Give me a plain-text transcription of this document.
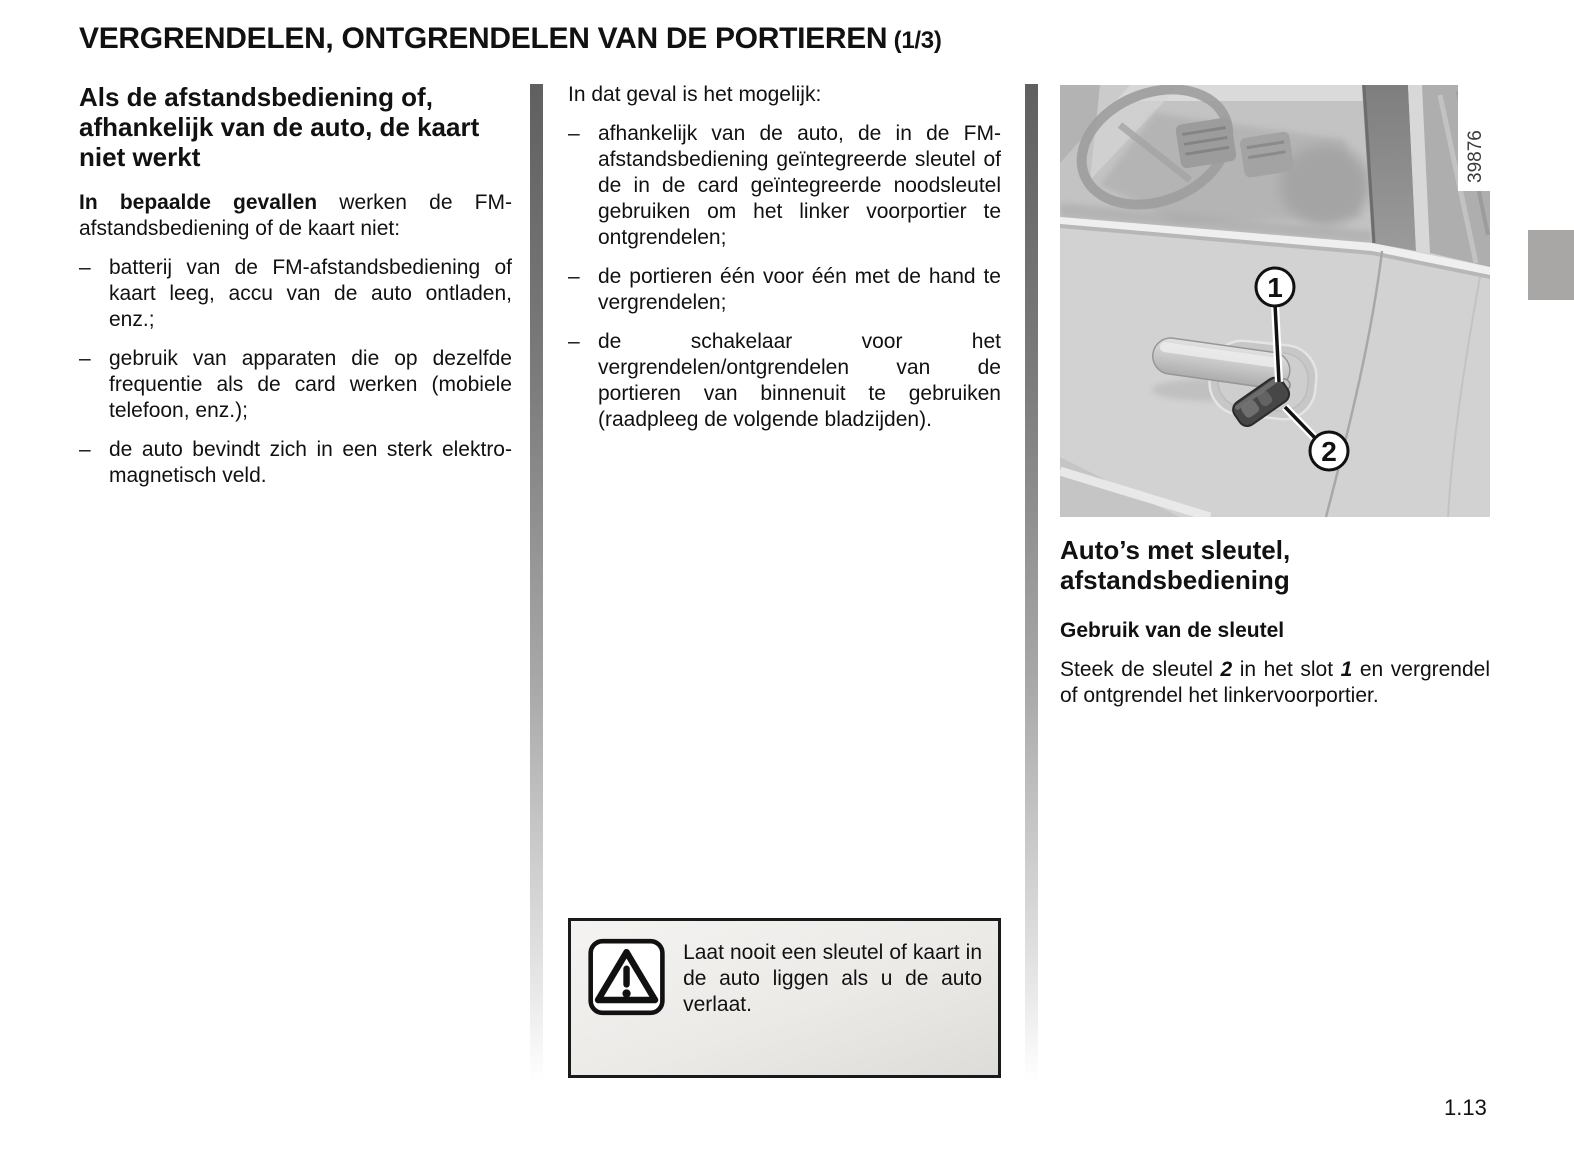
VERGRENDELEN, ONTGRENDELEN VAN DE PORTIEREN (1/3)
Als de afstandsbediening of, afhankelijk van de auto, de kaart niet werkt

In bepaalde gevallen werken de FM-afstandsbediening of de kaart niet:

– batterij van de FM-afstandsbediening of kaart leeg, accu van de auto ontladen, enz.;

– gebruik van apparaten die op dezelfde frequentie als de card werken (mobiele telefoon, enz.);

– de auto bevindt zich in een sterk elektromagnetisch veld.

In dat geval is het mogelijk:

– afhankelijk van de auto, de in de FM-afstandsbediening geïntegreerde sleutel of de in de card geïntegreerde noodsleutel gebruiken om het linker voorportier te ontgrendelen;

– de portieren één voor één met de hand te vergrendelen;

– de schakelaar voor het vergrendelen/ontgrendelen van de portieren van binnenuit te gebruiken (raadpleeg de volgende bladzijden).

1
2
39876
Auto’s met sleutel, afstandsbediening

Gebruik van de sleutel

Steek de sleutel 2 in het slot 1 en vergrendel of ontgrendel het linkervoorportier.

Laat nooit een sleutel of kaart in de auto liggen als u de auto verlaat.
1.13
